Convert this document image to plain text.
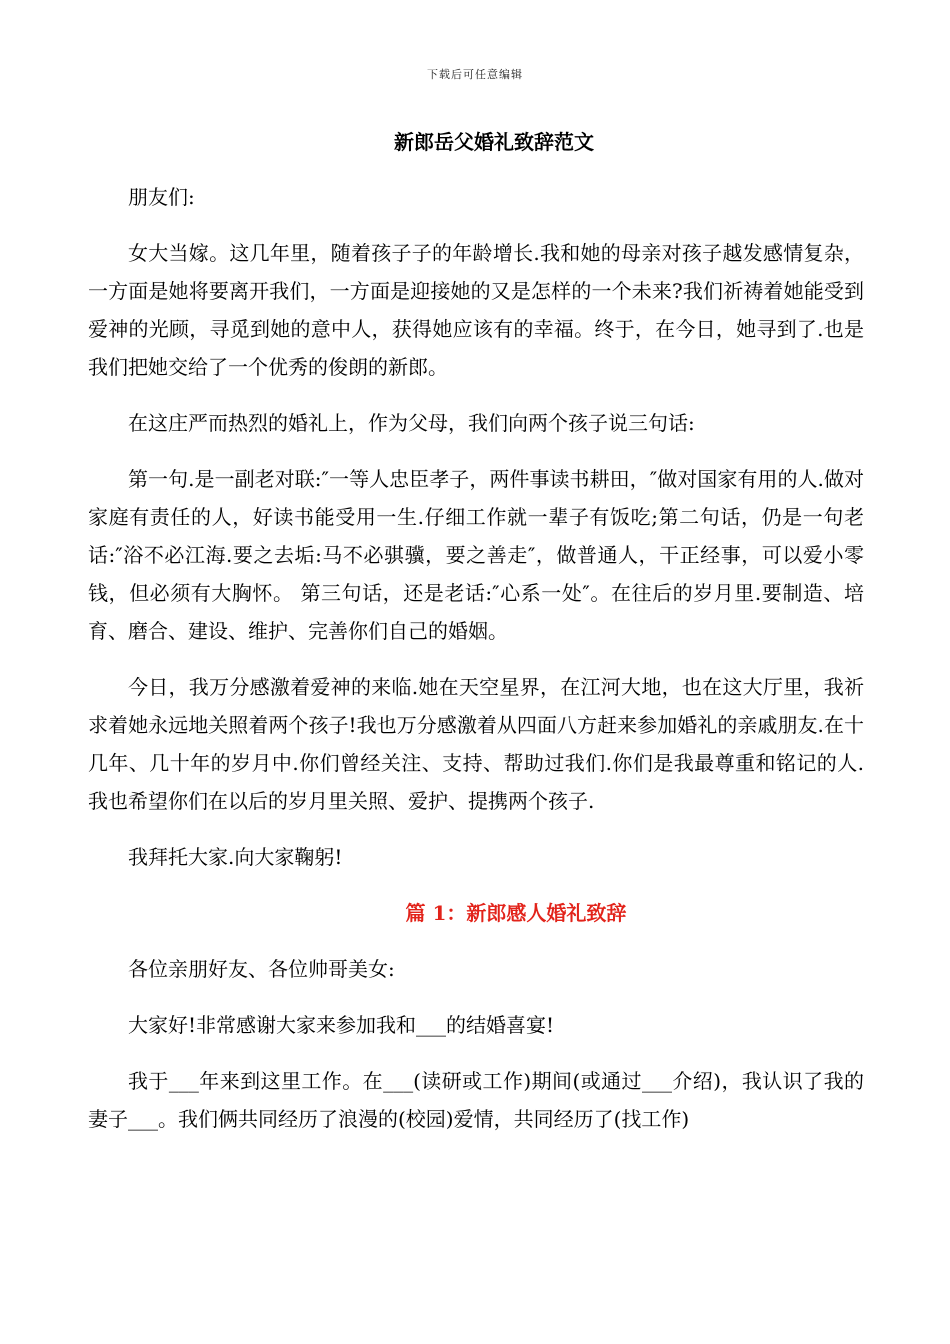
下载后可任意编辑
新郎岳父婚礼致辞范文

朋友们:

女大当嫁。这几年里，随着孩子子的年龄增长.我和她的母亲对孩子越发感情复杂，一方面是她将要离开我们，一方面是迎接她的又是怎样的一个未来?我们祈祷着她能受到爱神的光顾，寻觅到她的意中人，获得她应该有的幸福。终于，在今日，她寻到了.也是我们把她交给了一个优秀的俊朗的新郎。

在这庄严而热烈的婚礼上，作为父母，我们向两个孩子说三句话:

第一句.是一副老对联:″一等人忠臣孝子，两件事读书耕田，″做对国家有用的人.做对家庭有责任的人，好读书能受用一生.仔细工作就一辈子有饭吃;第二句话，仍是一句老话:″浴不必江海.要之去垢:马不必骐骥，要之善走″，做普通人，干正经事，可以爱小零钱，但必须有大胸怀。 第三句话，还是老话:″心系一处″。在往后的岁月里.要制造、培育、磨合、建设、维护、完善你们自己的婚姻。

今日，我万分感激着爱神的来临.她在天空星界，在江河大地，也在这大厅里，我祈求着她永远地关照着两个孩子!我也万分感激着从四面八方赶来参加婚礼的亲戚朋友.在十几年、几十年的岁月中.你们曾经关注、支持、帮助过我们.你们是我最尊重和铭记的人.我也希望你们在以后的岁月里关照、爱护、提携两个孩子.

我拜托大家.向大家鞠躬!

篇 1：新郎感人婚礼致辞

各位亲朋好友、各位帅哥美女:

大家好!非常感谢大家来参加我和___的结婚喜宴!

我于___年来到这里工作。在___(读研或工作)期间(或通过___介绍)，我认识了我的妻子___。我们俩共同经历了浪漫的(校园)爱情，共同经历了(找工作)
